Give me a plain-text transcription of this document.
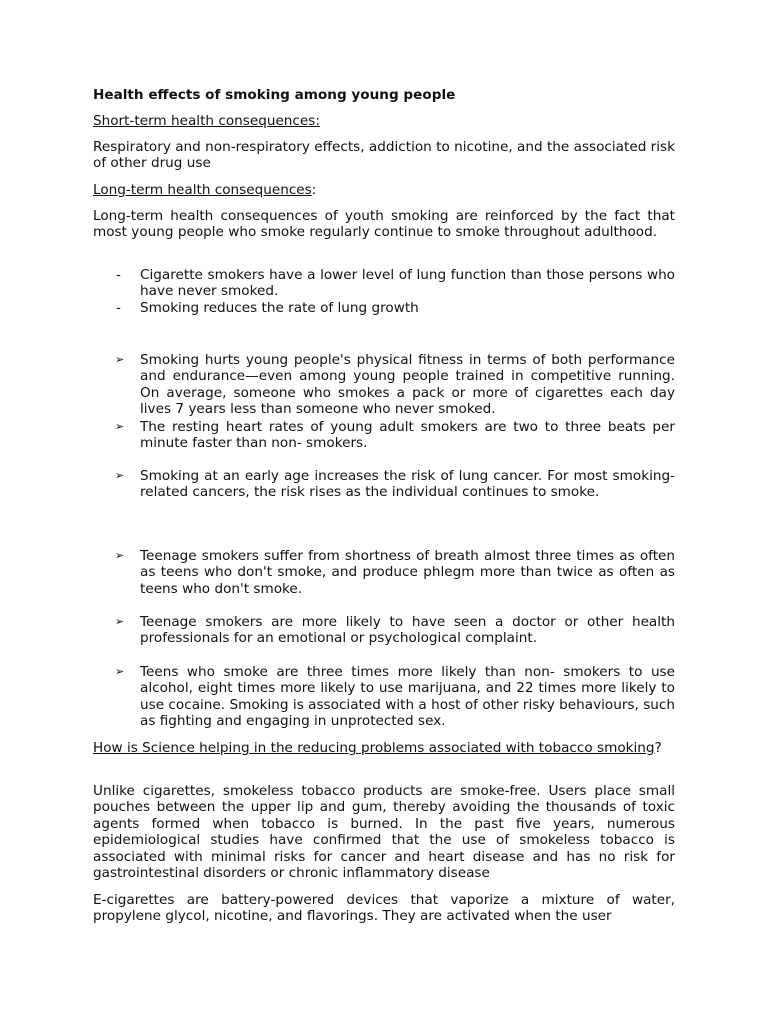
Health effects of smoking among young people

Short-term health consequences:

Respiratory and non-respiratory effects, addiction to nicotine, and the associated risk of other drug use

Long-term health consequences:

Long-term health consequences of youth smoking are reinforced by the fact that most young people who smoke regularly continue to smoke throughout adulthood.

- Cigarette smokers have a lower level of lung function than those persons who have never smoked.
- Smoking reduces the rate of lung growth
➢ Smoking hurts young people's physical fitness in terms of both performance and endurance—even among young people trained in competitive running. On average, someone who smokes a pack or more of cigarettes each day lives 7 years less than someone who never smoked.
➢ The resting heart rates of young adult smokers are two to three beats per minute faster than non- smokers.
➢ Smoking at an early age increases the risk of lung cancer. For most smoking-related cancers, the risk rises as the individual continues to smoke.
➢ Teenage smokers suffer from shortness of breath almost three times as often as teens who don't smoke, and produce phlegm more than twice as often as teens who don't smoke.
➢ Teenage smokers are more likely to have seen a doctor or other health professionals for an emotional or psychological complaint.
➢ Teens who smoke are three times more likely than non- smokers to use alcohol, eight times more likely to use marijuana, and 22 times more likely to use cocaine. Smoking is associated with a host of other risky behaviours, such as fighting and engaging in unprotected sex.

How is Science helping in the reducing problems associated with tobacco smoking?

Unlike cigarettes, smokeless tobacco products are smoke-free. Users place small pouches between the upper lip and gum, thereby avoiding the thousands of toxic agents formed when tobacco is burned. In the past five years, numerous epidemiological studies have confirmed that the use of smokeless tobacco is associated with minimal risks for cancer and heart disease and has no risk for gastrointestinal disorders or chronic inflammatory disease

E-cigarettes are battery-powered devices that vaporize a mixture of water, propylene glycol, nicotine, and flavorings. They are activated when the user
